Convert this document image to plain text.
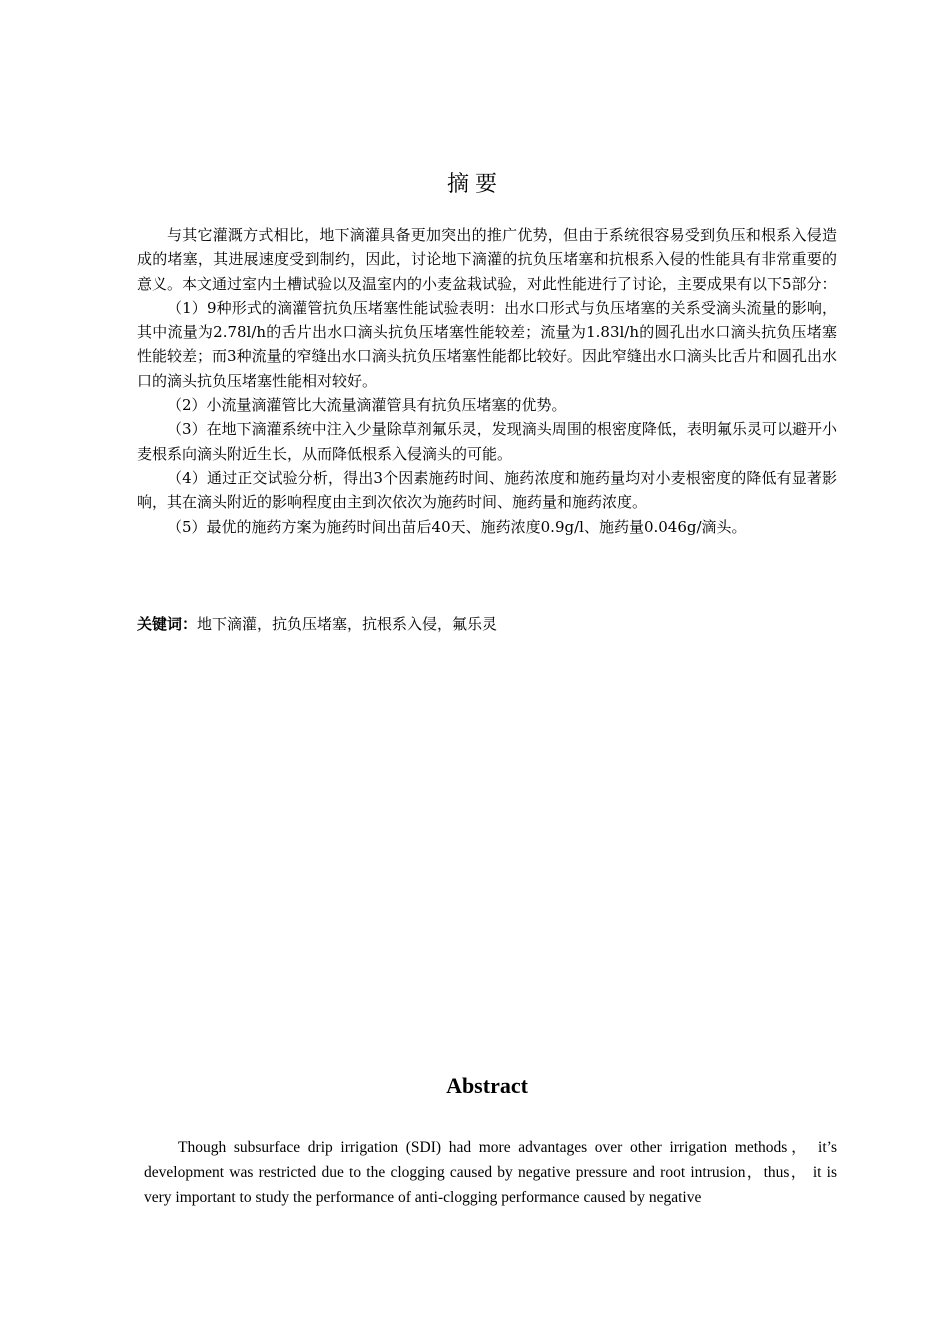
摘要

与其它灌溉方式相比，地下滴灌具备更加突出的推广优势，但由于系统很容易受到负压和根系入侵造成的堵塞，其进展速度受到制约，因此，讨论地下滴灌的抗负压堵塞和抗根系入侵的性能具有非常重要的意义。本文通过室内土槽试验以及温室内的小麦盆栽试验，对此性能进行了讨论，主要成果有以下5部分：

（1）9种形式的滴灌管抗负压堵塞性能试验表明：出水口形式与负压堵塞的关系受滴头流量的影响，其中流量为2.78l/h的舌片出水口滴头抗负压堵塞性能较差；流量为1.83l/h的圆孔出水口滴头抗负压堵塞性能较差；而3种流量的窄缝出水口滴头抗负压堵塞性能都比较好。因此窄缝出水口滴头比舌片和圆孔出水口的滴头抗负压堵塞性能相对较好。

（2）小流量滴灌管比大流量滴灌管具有抗负压堵塞的优势。

（3）在地下滴灌系统中注入少量除草剂氟乐灵，发现滴头周围的根密度降低，表明氟乐灵可以避开小麦根系向滴头附近生长，从而降低根系入侵滴头的可能。

（4）通过正交试验分析，得出3个因素施药时间、施药浓度和施药量均对小麦根密度的降低有显著影响，其在滴头附近的影响程度由主到次依次为施药时间、施药量和施药浓度。

（5）最优的施药方案为施药时间出苗后40天、施药浓度0.9g/l、施药量0.046g/滴头。

关键词：地下滴灌，抗负压堵塞，抗根系入侵，氟乐灵
Abstract
Though subsurface drip irrigation (SDI) had more advantages over other irrigation methods， it’s development was restricted due to the clogging caused by negative pressure and root intrusion，thus， it is very important to study the performance of anti-clogging performance caused by negative
